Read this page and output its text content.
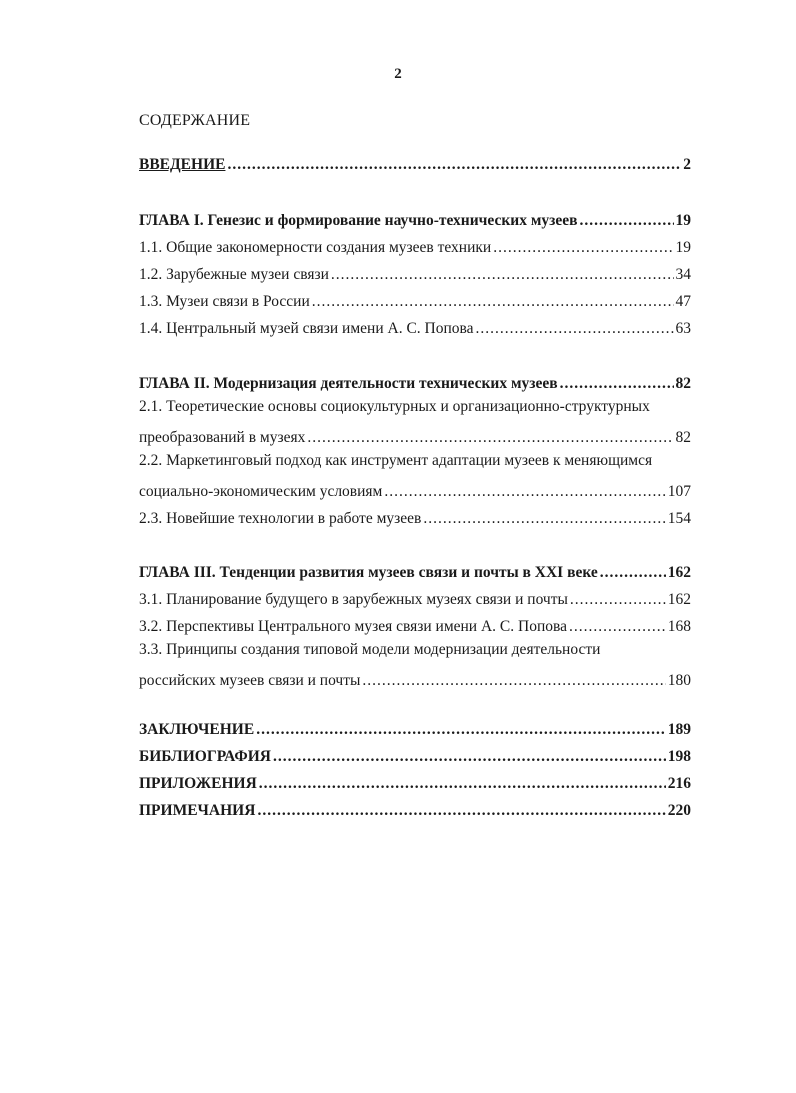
2
СОДЕРЖАНИЕ
ВВЕДЕНИЕ .....	2
ГЛАВА I. Генезис и формирование научно-технических музеев .....	19
1.1. Общие закономерности создания музеев техники .....	19
1.2. Зарубежные музеи связи .....	34
1.3. Музеи связи в России .....	47
1.4. Центральный музей связи имени А. С. Попова .....	63
ГЛАВА II. Модернизация деятельности технических музеев .....	82
2.1. Теоретические основы социокультурных и организационно-структурных
преобразований в музеях .....	82
2.2. Маркетинговый подход как инструмент адаптации музеев к меняющимся
социально-экономическим условиям .....	107
2.3. Новейшие технологии в работе музеев .....	154
ГЛАВА III. Тенденции развития музеев связи и почты в XXI веке .....	162
3.1. Планирование будущего в зарубежных музеях связи и почты .....	162
3.2. Перспективы Центрального музея связи имени А. С. Попова .....	168
3.3. Принципы создания типовой модели модернизации деятельности
российских музеев связи и почты .....	180
ЗАКЛЮЧЕНИЕ .....	189
БИБЛИОГРАФИЯ .....	198
ПРИЛОЖЕНИЯ .....	216
ПРИМЕЧАНИЯ .....	220
